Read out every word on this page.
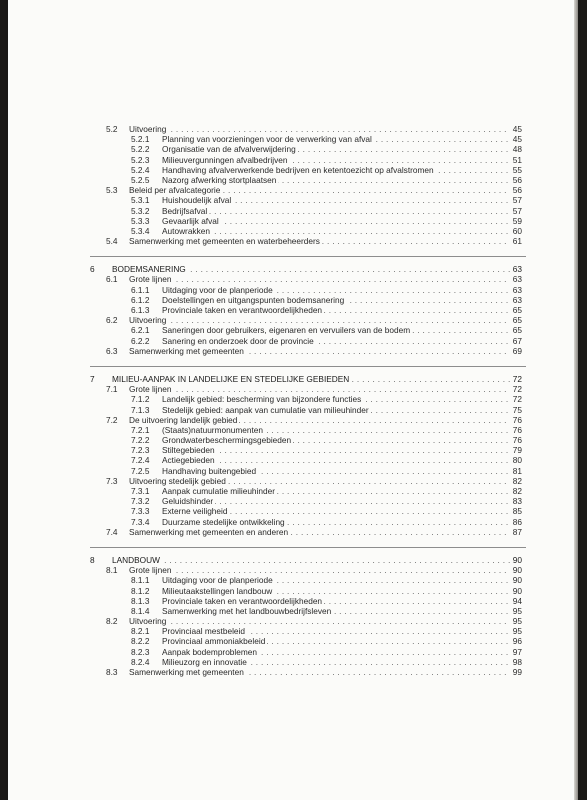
5.2 Uitvoering . . .	45
5.2.1 Planning van voorzieningen voor de verwerking van afval . . .	45
5.2.2 Organisatie van de afvalverwijdering . . .	48
5.2.3 Milieuvergunningen afvalbedrijven . . .	51
5.2.4 Handhaving afvalverwerkende bedrijven en ketentoezicht op afvalstromen . . .	55
5.2.5 Nazorg afwerking stortplaatsen . . .	56
5.3 Beleid per afvalcategorie . . .	56
5.3.1 Huishoudelijk afval . . .	57
5.3.2 Bedrijfsafval . . .	57
5.3.3 Gevaarlijk afval . . .	59
5.3.4 Autowrakken . . .	60
5.4 Samenwerking met gemeenten en waterbeheerders . . .	61
6 BODEMSANERING . . .	63
6.1 Grote lijnen . . .	63
6.1.1 Uitdaging voor de planperiode . . .	63
6.1.2 Doelstellingen en uitgangspunten bodemsanering . . .	63
6.1.3 Provinciale taken en verantwoordelijkheden . . .	65
6.2 Uitvoering . . .	65
6.2.1 Saneringen door gebruikers, eigenaren en vervuilers van de bodem . . .	65
6.2.2 Sanering en onderzoek door de provincie . . .	67
6.3 Samenwerking met gemeenten . . .	69
7 MILIEU-AANPAK IN LANDELIJKE EN STEDELIJKE GEBIEDEN . . .	72
7.1 Grote lijnen . . .	72
7.1.2 Landelijk gebied: bescherming van bijzondere functies . . .	72
7.1.3 Stedelijk gebied: aanpak van cumulatie van milieuhinder . . .	75
7.2 De uitvoering landelijk gebied . . .	76
7.2.1 (Staats)natuurmonumenten . . .	76
7.2.2 Grondwaterbeschermingsgebieden . . .	76
7.2.3 Stiltegebieden . . .	79
7.2.4 Actiegebieden . . .	80
7.2.5 Handhaving buitengebied . . .	81
7.3 Uitvoering stedelijk gebied . . .	82
7.3.1 Aanpak cumulatie milieuhinder . . .	82
7.3.2 Geluidshinder . . .	83
7.3.3 Externe veiligheid . . .	85
7.3.4 Duurzame stedelijke ontwikkeling . . .	86
7.4 Samenwerking met gemeenten en anderen . . .	87
8 LANDBOUW . . .	90
8.1 Grote lijnen . . .	90
8.1.1 Uitdaging voor de planperiode . . .	90
8.1.2 Milieutaakstellingen landbouw . . .	90
8.1.3 Provinciale taken en verantwoordelijkheden . . .	94
8.1.4 Samenwerking met het landbouwbedrijfsleven . . .	95
8.2 Uitvoering . . .	95
8.2.1 Provinciaal mestbeleid . . .	95
8.2.2 Provinciaal ammoniakbeleid . . .	96
8.2.3 Aanpak bodemproblemen . . .	97
8.2.4 Milieuzorg en innovatie . . .	98
8.3 Samenwerking met gemeenten . . .	99
